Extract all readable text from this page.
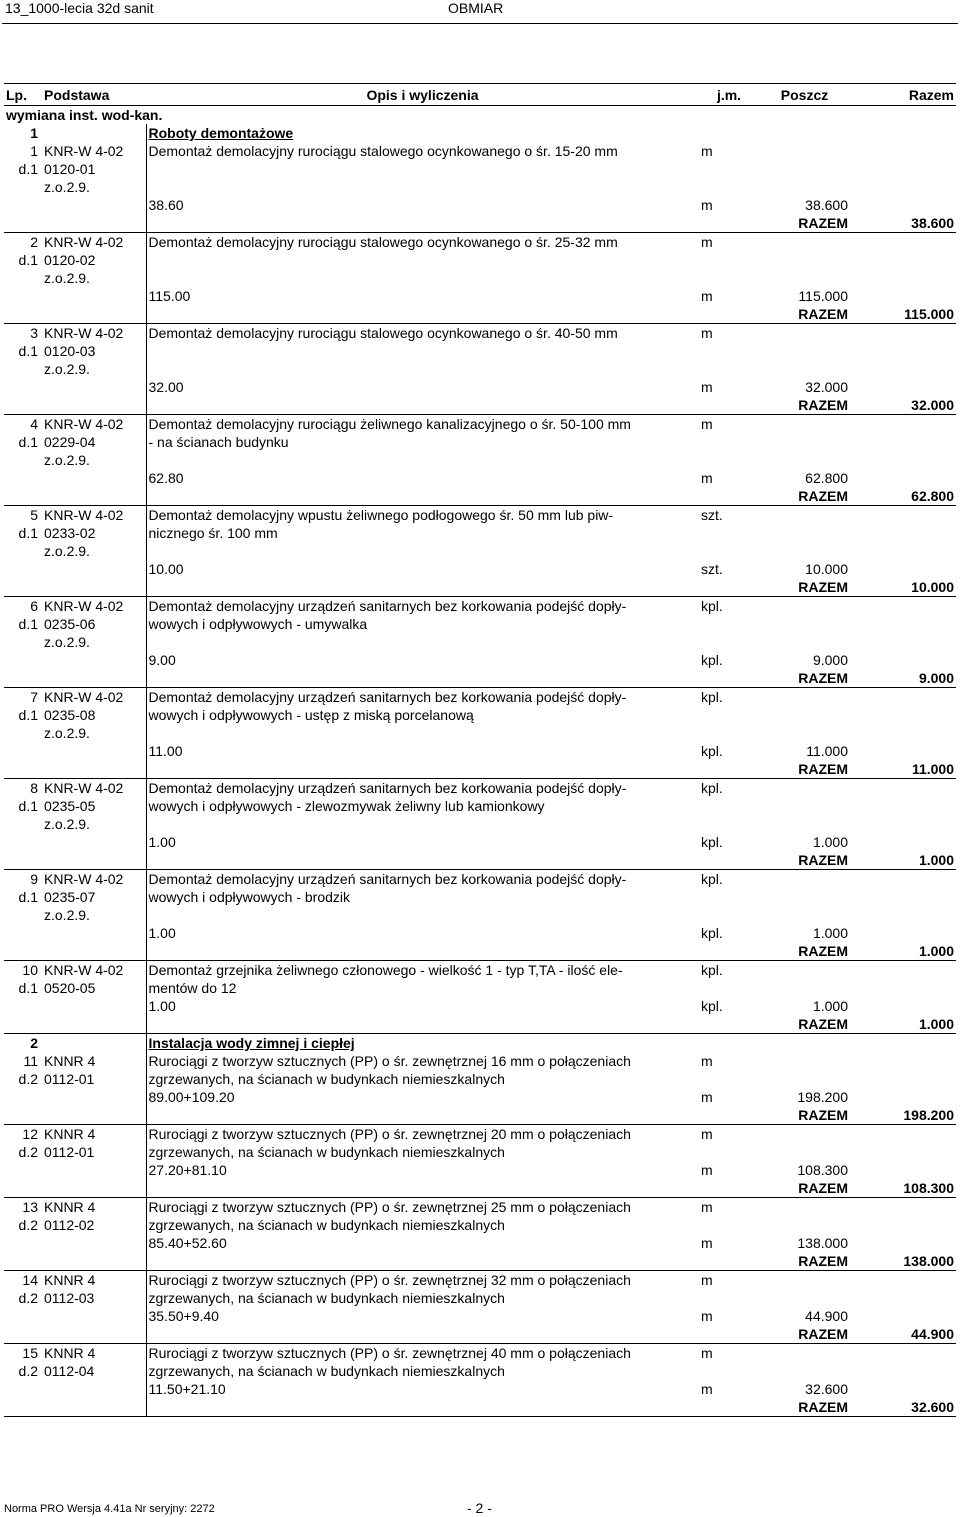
13_1000-lecia 32d sanit	OBMIAR
Lp.	Podstawa	Opis i wyliczenia	j.m.	Poszcz	Razem
wymiana inst. wod-kan.					
1		Roboty demontażowe			
1	KNR-W 4-02	Demontaż demolacyjny rurociągu stalowego ocynkowanego o śr. 15-20 mm	m		
d.1	0120-01				
	z.o.2.9.				
		38.60	m	38.600	
				RAZEM	38.600
2	KNR-W 4-02	Demontaż demolacyjny rurociągu stalowego ocynkowanego o śr. 25-32 mm	m		
d.1	0120-02				
	z.o.2.9.				
		115.00	m	115.000	
				RAZEM	115.000
3	KNR-W 4-02	Demontaż demolacyjny rurociągu stalowego ocynkowanego o śr. 40-50 mm	m		
d.1	0120-03				
	z.o.2.9.				
		32.00	m	32.000	
				RAZEM	32.000
4	KNR-W 4-02	Demontaż demolacyjny rurociągu żeliwnego kanalizacyjnego o śr. 50-100 mm	m		
d.1	0229-04	- na ścianach budynku			
	z.o.2.9.				
		62.80	m	62.800	
				RAZEM	62.800
5	KNR-W 4-02	Demontaż demolacyjny wpustu żeliwnego podłogowego śr. 50 mm lub piw-	szt.		
d.1	0233-02	nicznego śr. 100 mm			
	z.o.2.9.				
		10.00	szt.	10.000	
				RAZEM	10.000
6	KNR-W 4-02	Demontaż demolacyjny urządzeń sanitarnych bez korkowania podejść dopły-	kpl.		
d.1	0235-06	wowych i odpływowych - umywalka			
	z.o.2.9.				
		9.00	kpl.	9.000	
				RAZEM	9.000
7	KNR-W 4-02	Demontaż demolacyjny urządzeń sanitarnych bez korkowania podejść dopły-	kpl.		
d.1	0235-08	wowych i odpływowych - ustęp z miską porcelanową			
	z.o.2.9.				
		11.00	kpl.	11.000	
				RAZEM	11.000
8	KNR-W 4-02	Demontaż demolacyjny urządzeń sanitarnych bez korkowania podejść dopły-	kpl.		
d.1	0235-05	wowych i odpływowych - zlewozmywak żeliwny lub kamionkowy			
	z.o.2.9.				
		1.00	kpl.	1.000	
				RAZEM	1.000
9	KNR-W 4-02	Demontaż demolacyjny urządzeń sanitarnych bez korkowania podejść dopły-	kpl.		
d.1	0235-07	wowych i odpływowych - brodzik			
	z.o.2.9.				
		1.00	kpl.	1.000	
				RAZEM	1.000
10	KNR-W 4-02	Demontaż grzejnika żeliwnego członowego - wielkość 1 - typ T,TA - ilość ele-	kpl.		
d.1	0520-05	mentów do 12			
		1.00	kpl.	1.000	
				RAZEM	1.000
2		Instalacja wody zimnej i ciepłej			
11	KNNR 4	Rurociągi z tworzyw sztucznych (PP) o śr. zewnętrznej 16 mm o połączeniach	m		
d.2	0112-01	zgrzewanych, na ścianach w budynkach niemieszkalnych			
		89.00+109.20	m	198.200	
				RAZEM	198.200
12	KNNR 4	Rurociągi z tworzyw sztucznych (PP) o śr. zewnętrznej 20 mm o połączeniach	m		
d.2	0112-01	zgrzewanych, na ścianach w budynkach niemieszkalnych			
		27.20+81.10	m	108.300	
				RAZEM	108.300
13	KNNR 4	Rurociągi z tworzyw sztucznych (PP) o śr. zewnętrznej 25 mm o połączeniach	m		
d.2	0112-02	zgrzewanych, na ścianach w budynkach niemieszkalnych			
		85.40+52.60	m	138.000	
				RAZEM	138.000
14	KNNR 4	Rurociągi z tworzyw sztucznych (PP) o śr. zewnętrznej 32 mm o połączeniach	m		
d.2	0112-03	zgrzewanych, na ścianach w budynkach niemieszkalnych			
		35.50+9.40	m	44.900	
				RAZEM	44.900
15	KNNR 4	Rurociągi z tworzyw sztucznych (PP) o śr. zewnętrznej 40 mm o połączeniach	m		
d.2	0112-04	zgrzewanych, na ścianach w budynkach niemieszkalnych			
		11.50+21.10	m	32.600	
				RAZEM	32.600
Norma PRO Wersja 4.41a Nr seryjny: 2272	- 2 -
